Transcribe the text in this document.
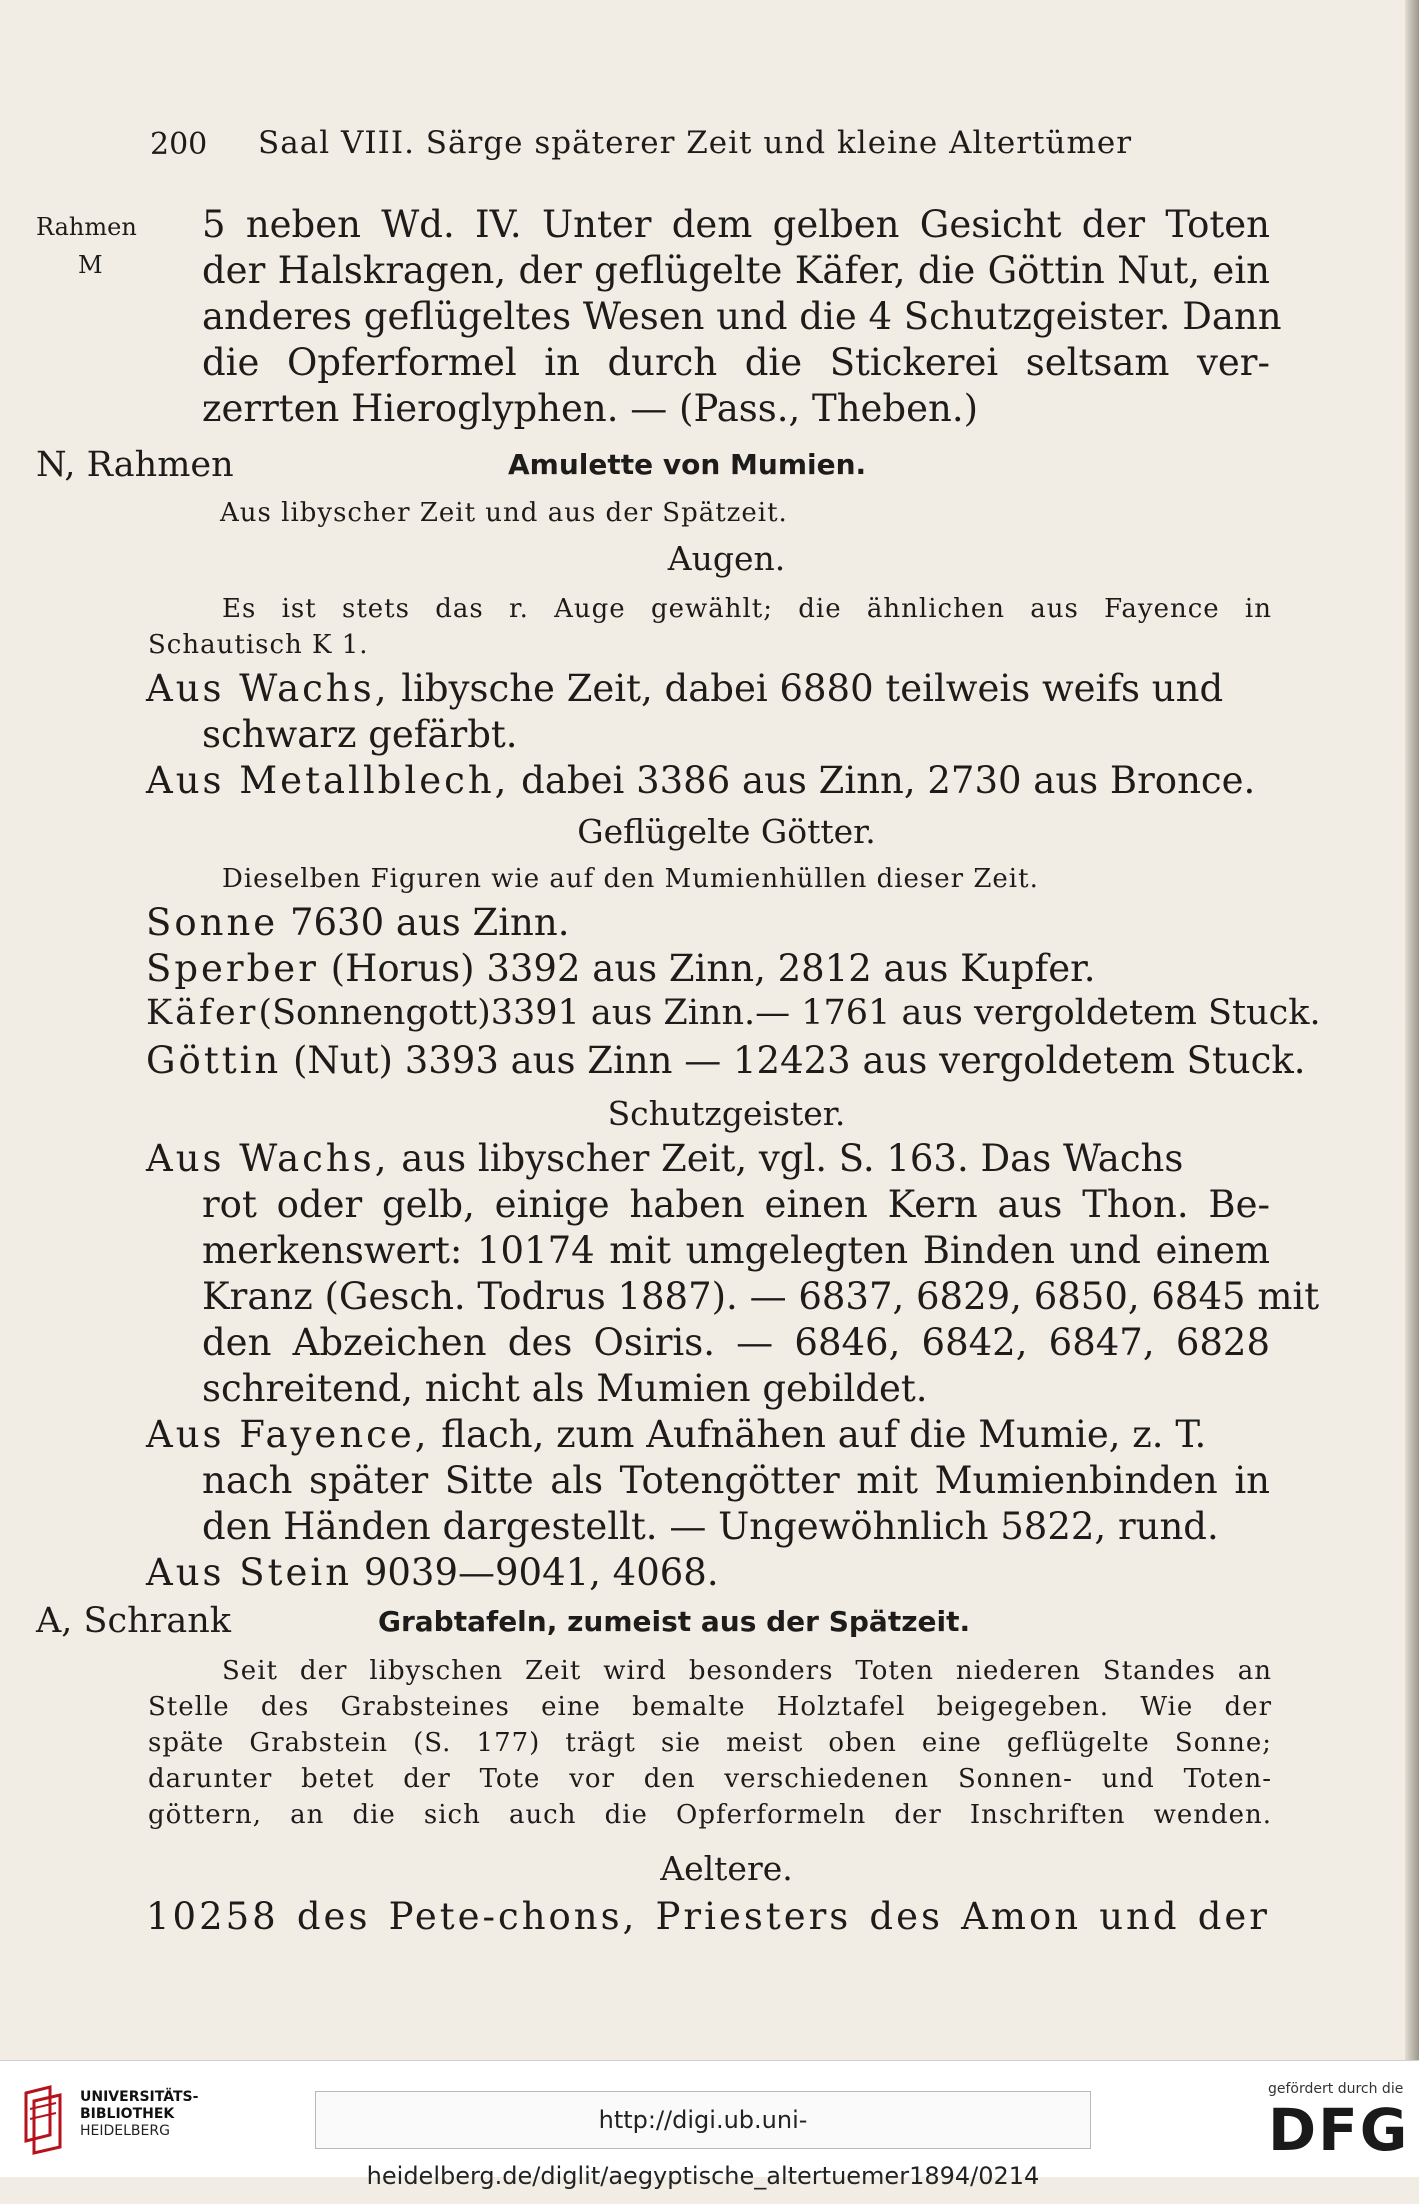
200 Saal VIII. Särge späterer Zeit und kleine Altertümer
Rahmen
M
5 neben Wd. IV. Unter dem gelben Gesicht der Toten
der Halskragen, der geflügelte Käfer, die Göttin Nut, ein
anderes geflügeltes Wesen und die 4 Schutzgeister. Dann
die Opferformel in durch die Stickerei seltsam ver-
zerrten Hieroglyphen. — (Pass., Theben.)
N, Rahmen	Amulette von Mumien.
Aus libyscher Zeit und aus der Spätzeit.
Augen.
Es ist stets das r. Auge gewählt; die ähnlichen aus Fayence in
Schautisch K 1.
Aus Wachs, libysche Zeit, dabei 6880 teilweis weifs und
schwarz gefärbt.
Aus Metallblech, dabei 3386 aus Zinn, 2730 aus Bronce.
Geflügelte Götter.
Dieselben Figuren wie auf den Mumienhüllen dieser Zeit.
Sonne 7630 aus Zinn.
Sperber (Horus) 3392 aus Zinn, 2812 aus Kupfer.
Käfer(Sonnengott)3391 aus Zinn.— 1761 aus vergoldetem Stuck.
Göttin (Nut) 3393 aus Zinn — 12423 aus vergoldetem Stuck.
Schutzgeister.
Aus Wachs, aus libyscher Zeit, vgl. S. 163. Das Wachs
rot oder gelb, einige haben einen Kern aus Thon. Be-
merkenswert: 10174 mit umgelegten Binden und einem
Kranz (Gesch. Todrus 1887). — 6837, 6829, 6850, 6845 mit
den Abzeichen des Osiris. — 6846, 6842, 6847, 6828
schreitend, nicht als Mumien gebildet.
Aus Fayence, flach, zum Aufnähen auf die Mumie, z. T.
nach später Sitte als Totengötter mit Mumienbinden in
den Händen dargestellt. — Ungewöhnlich 5822, rund.
Aus Stein 9039—9041, 4068.
A, Schrank	Grabtafeln, zumeist aus der Spätzeit.
Seit der libyschen Zeit wird besonders Toten niederen Standes an
Stelle des Grabsteines eine bemalte Holztafel beigegeben. Wie der
späte Grabstein (S. 177) trägt sie meist oben eine geflügelte Sonne;
darunter betet der Tote vor den verschiedenen Sonnen- und Toten-
göttern, an die sich auch die Opferformeln der Inschriften wenden.
Aeltere.
10258 des Pete-chons, Priesters des Amon und der
UNIVERSITÄTS-
BIBLIOTHEK
HEIDELBERG	http://digi.ub.uni-heidelberg.de/diglit/aegyptische_altertuemer1894/0214
gefördert durch die
DFG
